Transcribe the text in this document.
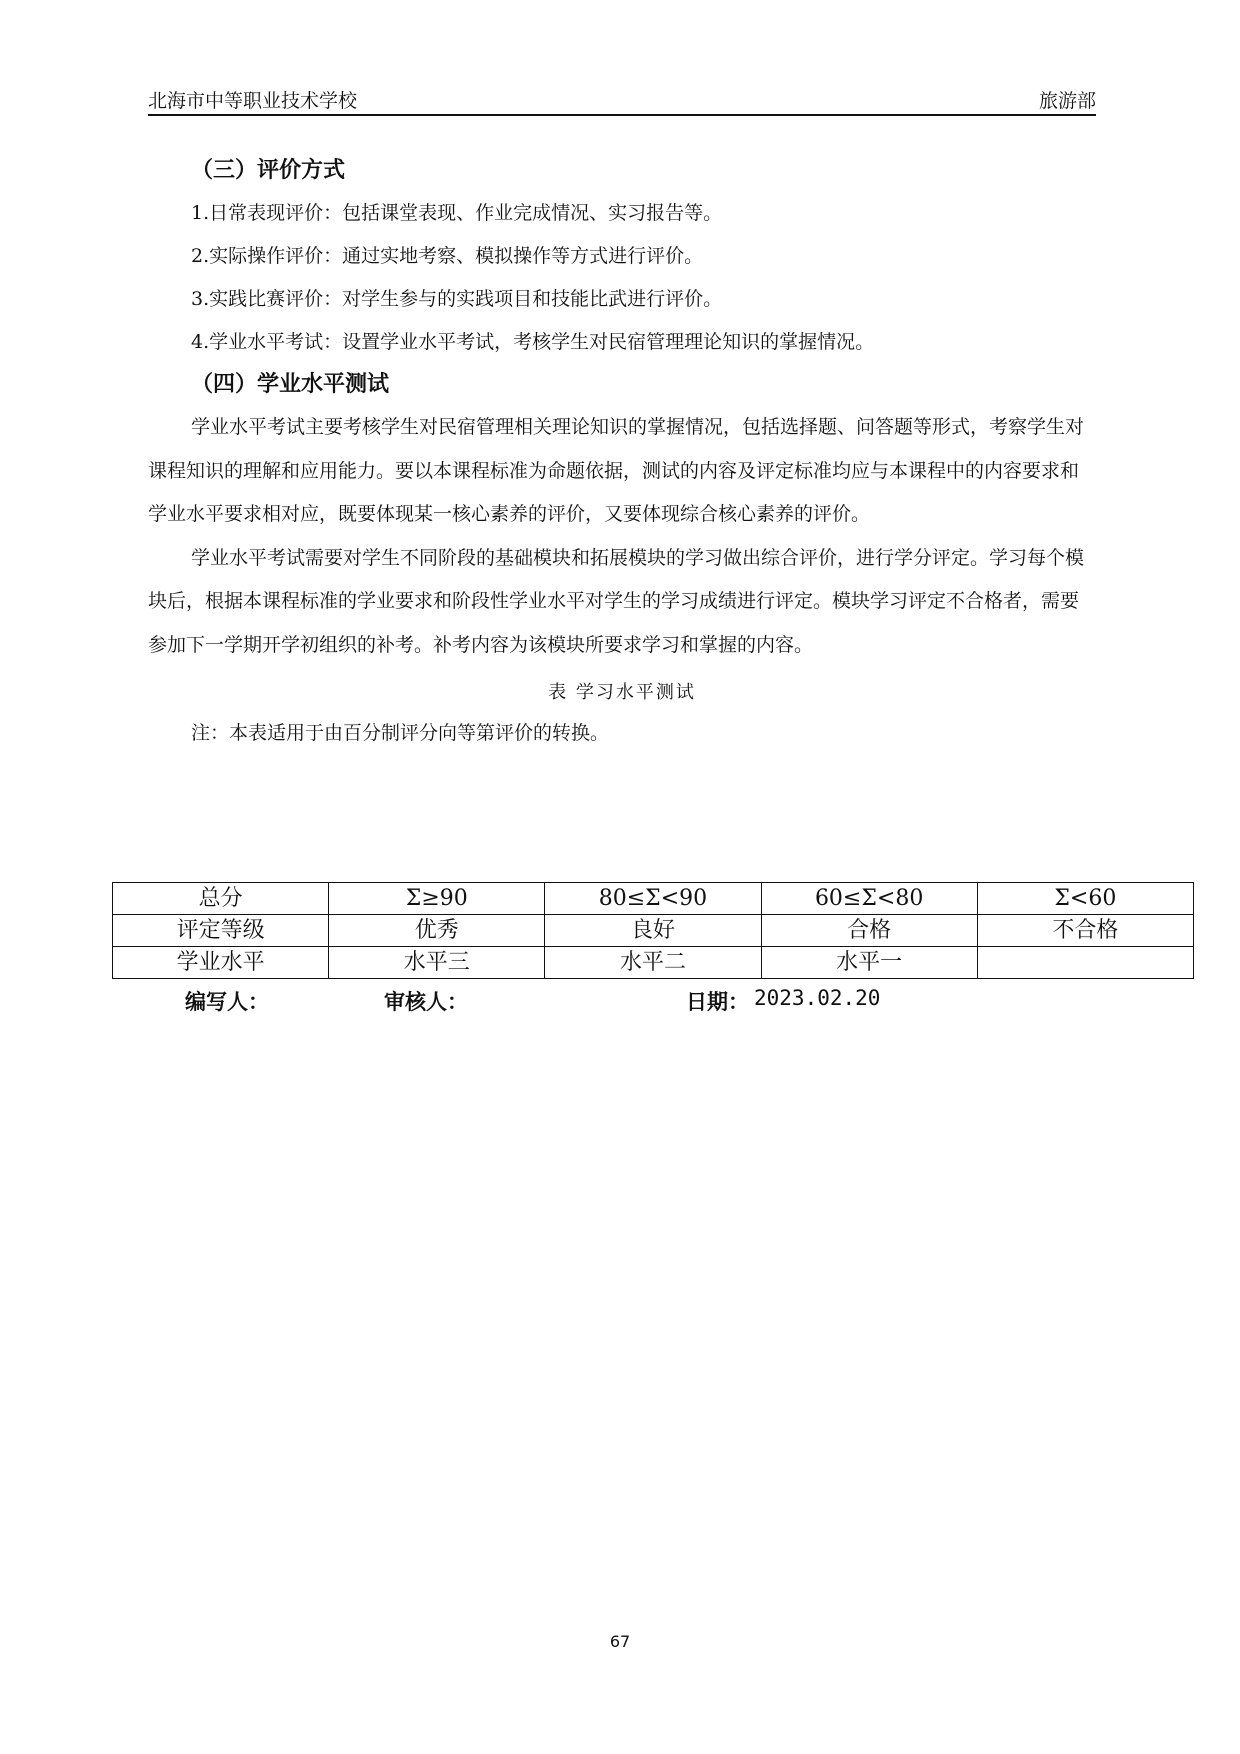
北海市中等职业技术学校	旅游部
（三）评价方式
1.日常表现评价：包括课堂表现、作业完成情况、实习报告等。
2.实际操作评价：通过实地考察、模拟操作等方式进行评价。
3.实践比赛评价：对学生参与的实践项目和技能比武进行评价。
4.学业水平考试：设置学业水平考试，考核学生对民宿管理理论知识的掌握情况。
（四）学业水平测试

学业水平考试主要考核学生对民宿管理相关理论知识的掌握情况，包括选择题、问答题等形式，考察学生对课程知识的理解和应用能力。要以本课程标准为命题依据，测试的内容及评定标准均应与本课程中的内容要求和学业水平要求相对应，既要体现某一核心素养的评价，又要体现综合核心素养的评价。

学业水平考试需要对学生不同阶段的基础模块和拓展模块的学习做出综合评价，进行学分评定。学习每个模块后，根据本课程标准的学业要求和阶段性学业水平对学生的学习成绩进行评定。模块学习评定不合格者，需要参加下一学期开学初组织的补考。补考内容为该模块所要求学习和掌握的内容。

表 学习水平测试
注：本表适用于由百分制评分向等第评价的转换。
总分	Σ≥90	80≤Σ<90	60≤Σ<80	Σ<60
评定等级	优秀	良好	合格	不合格
学业水平	水平三	水平二	水平一	
编写人：	审核人：	日期： 2023.02.20
67
